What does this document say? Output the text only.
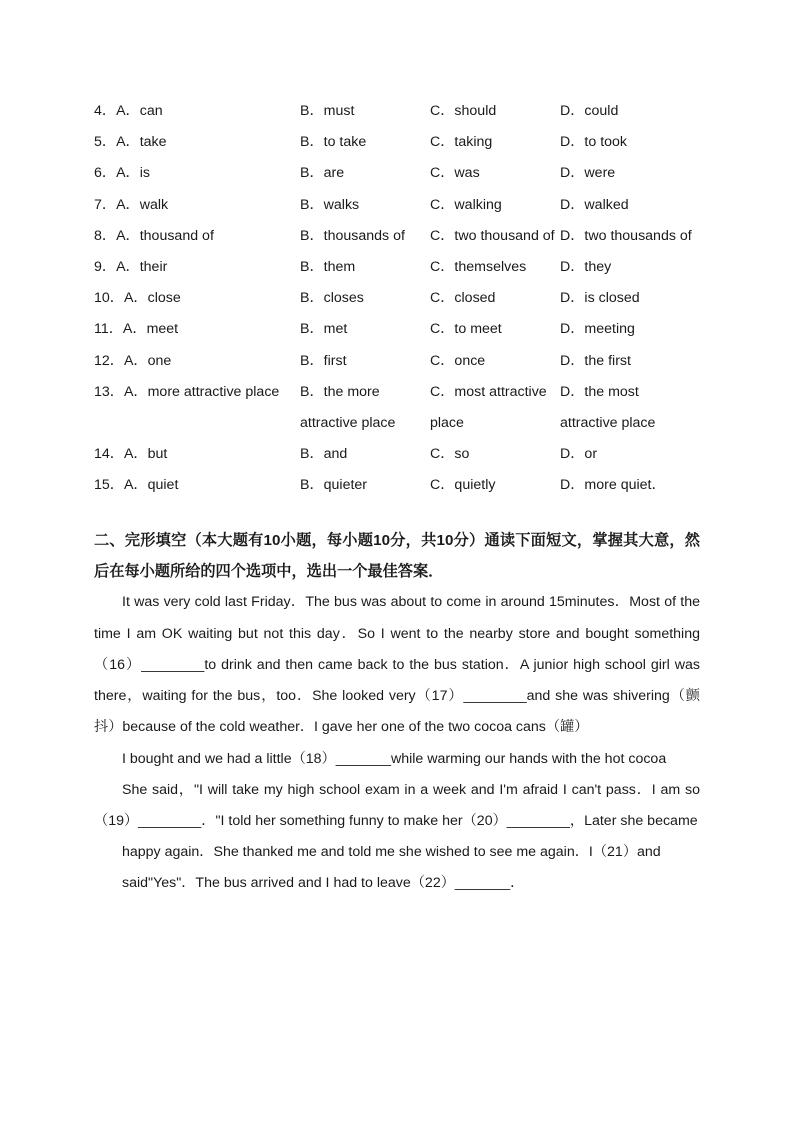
4．A．can	B．must	C．should	D．could
5．A．take	B．to take	C．taking	D．to took
6．A．is	B．are	C．was	D．were
7．A．walk	B．walks	C．walking	D．walked
8．A．thousand of	B．thousands of	C．two thousand of D．two thousands of
9．A．their	B．them	C．themselves	D．they
10．A．close	B．closes	C．closed	D．is closed
11．A．meet	B．met	C．to meet	D．meeting
12．A．one	B．first	C．once	D．the first
13．A．more attractive place	B．the more attractive place
C．most attractive place
D．the most attractive place
14．A．but	B．and	C．so	D．or
15．A．quiet	B．quieter	C．quietly	D．more quiet．
二、完形填空（本大题有10小题，每小题10分，共10分）通读下面短文，掌握其大意，然后在每小题所给的四个选项中，选出一个最佳答案．
It was very cold last Friday．The bus was about to come in around 15minutes．Most of the time I am OK waiting but not this day．So I went to the nearby store and bought something（16）________to drink and then came back to the bus station．A junior high school girl was there，waiting for the bus，too．She looked very（17）________and she was shivering（颤抖）because of the cold weather．I gave her one of the two cocoa cans（罐）
I bought and we had a little（18）_______while warming our hands with the hot cocoa
She said，"I will take my high school exam in a week and I'm afraid I can't pass．I am so（19）________．"I told her something funny to make her（20）________，Later she became
happy again．She thanked me and told me she wished to see me again．I（21）and
said"Yes"．The bus arrived and I had to leave（22）_______．
